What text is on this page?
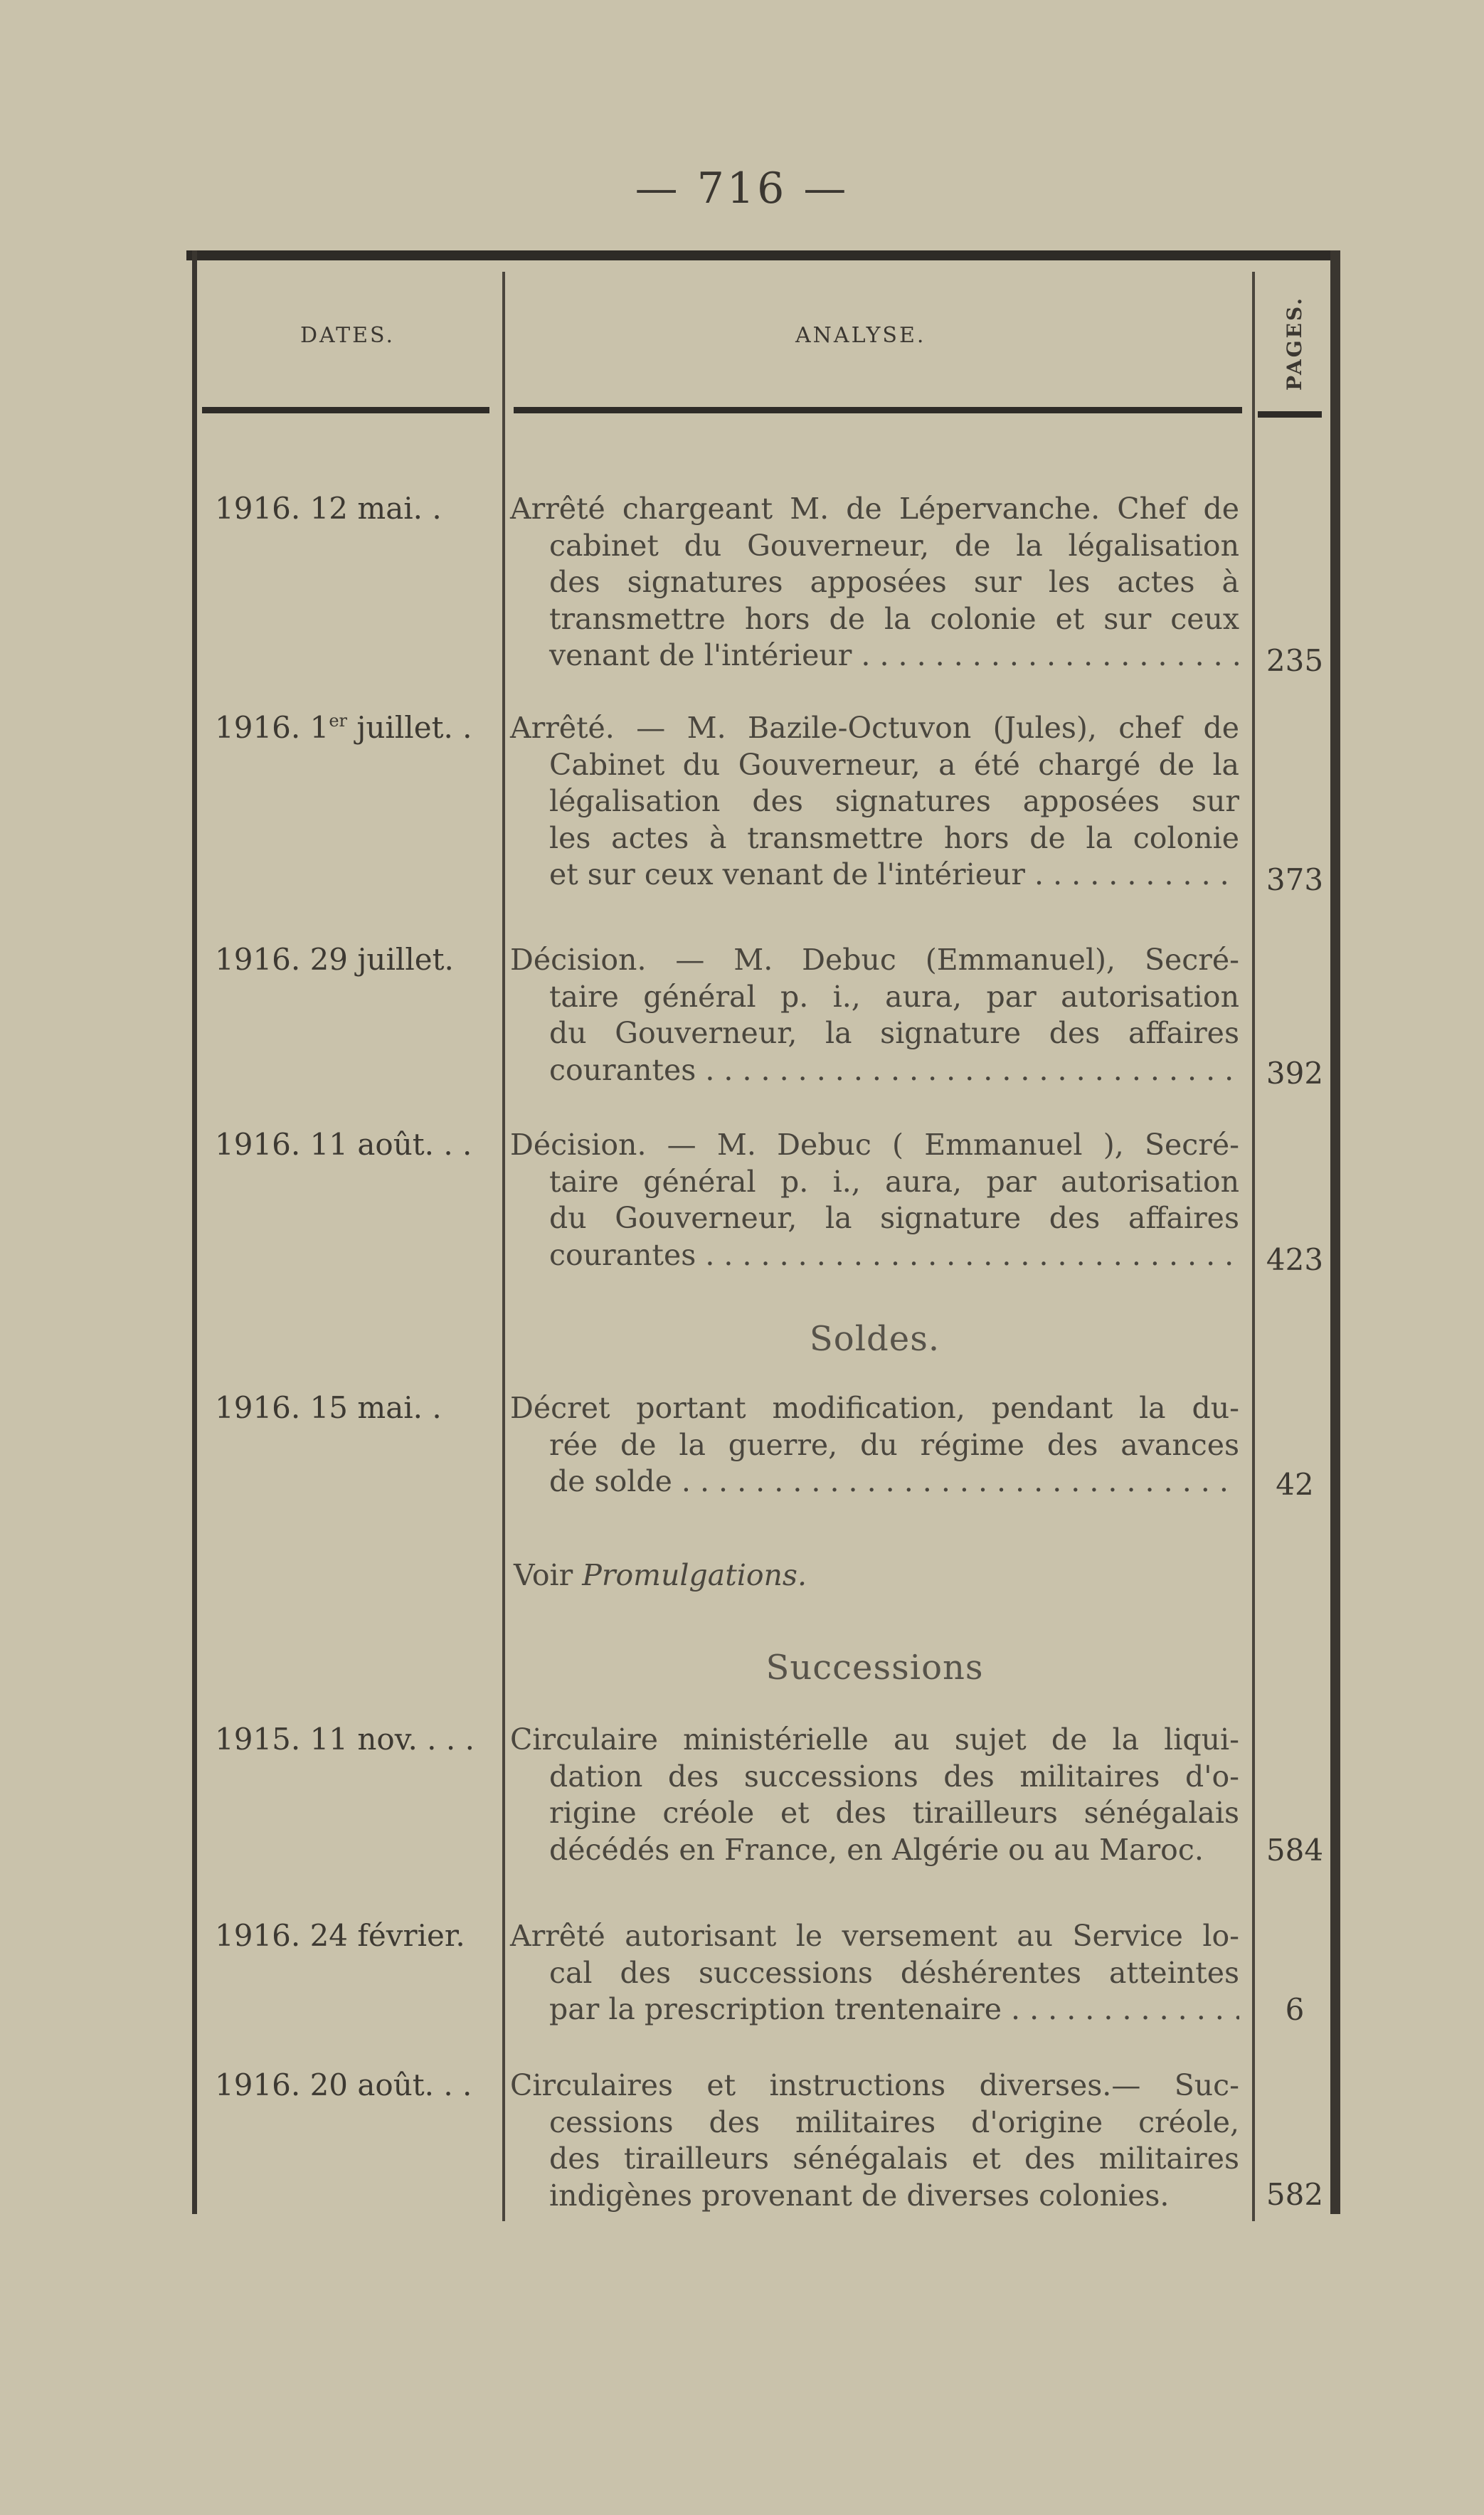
— 716 —
DATES.	ANALYSE.	PAGES.
1916. 12 mai. .	Arrêté chargeant M. de Lépervanche. Chef de
cabinet du Gouverneur, de la légalisation
des signatures apposées sur les actes à
transmettre hors de la colonie et sur ceux
venant de l'intérieur . . .	235
1916. 1er juillet. .	Arrêté. — M. Bazile-Octuvon (Jules), chef de
Cabinet du Gouverneur, a été chargé de la
légalisation des signatures apposées sur
les actes à transmettre hors de la colonie
et sur ceux venant de l'intérieur . . .	373
1916. 29 juillet.	Décision. — M. Debuc (Emmanuel), Secré-
taire général p. i., aura, par autorisation
du Gouverneur, la signature des affaires
courantes . . .	392
1916. 11 août. . .	Décision. — M. Debuc ( Emmanuel ), Secré-
taire général p. i., aura, par autorisation
du Gouverneur, la signature des affaires
courantes . . .	423
Soldes.
1916. 15 mai. .	Décret portant modification, pendant la du-
rée de la guerre, du régime des avances
de solde . . .	42
Voir Promulgations.
Successions
1915. 11 nov. . . .	Circulaire ministérielle au sujet de la liqui-
dation des successions des militaires d'o-
rigine créole et des tirailleurs sénégalais
décédés en France, en Algérie ou au Maroc.	584
1916. 24 février.	Arrêté autorisant le versement au Service lo-
cal des successions déshérentes atteintes
par la prescription trentenaire . . .	6
1916. 20 août. . .	Circulaires et instructions diverses.— Suc-
cessions des militaires d'origine créole,
des tirailleurs sénégalais et des militaires
indigènes provenant de diverses colonies.	582
